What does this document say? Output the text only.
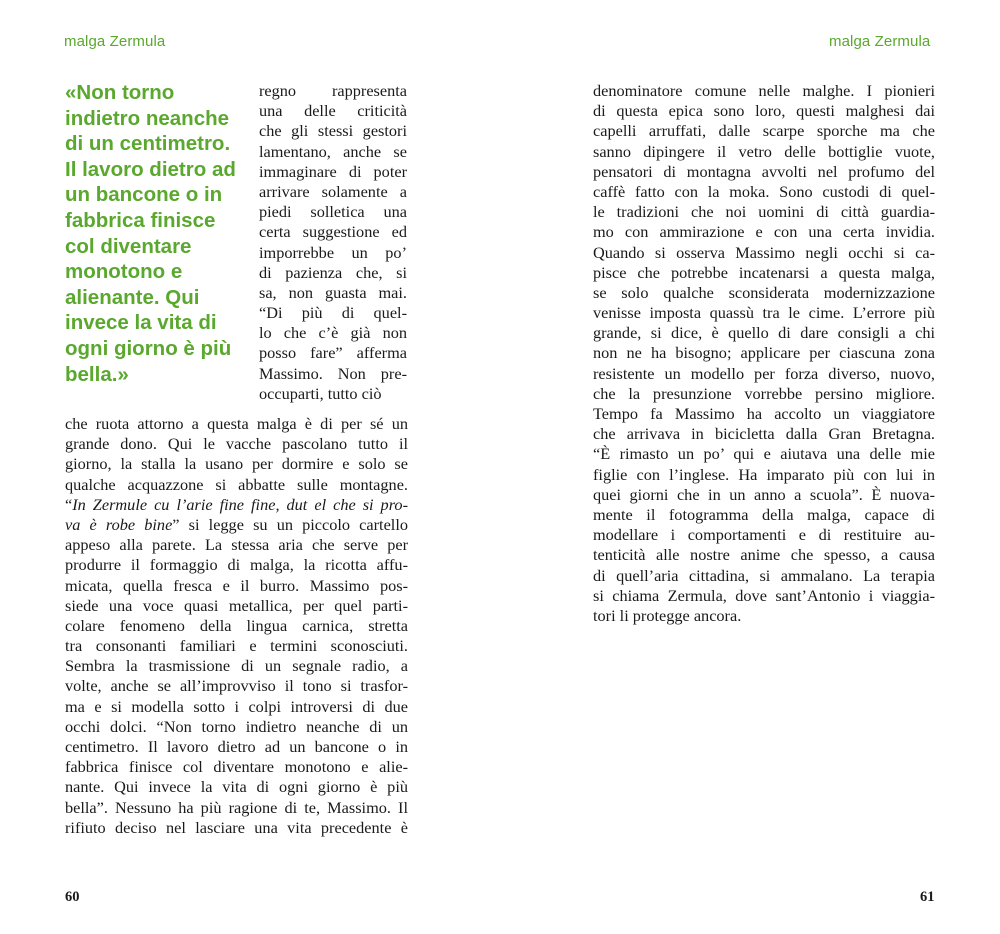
malga Zermula	malga Zermula

«Non torno indietro neanche di un centimetro. Il lavoro dietro ad un bancone o in fabbrica finisce col diventare monotono e alienante. Qui invece la vita di ogni giorno è più bella.»

regno rappresenta
una delle criticità
che gli stessi gestori
lamentano, anche se
immaginare di poter
arrivare solamente a
piedi solletica una
certa suggestione ed
imporrebbe un po’
di pazienza che, si
sa, non guasta mai.
“Di più di quel-
lo che c’è già non
posso fare” afferma
Massimo. Non pre-
occuparti, tutto ciò
che ruota attorno a questa malga è di per sé un
grande dono. Qui le vacche pascolano tutto il
giorno, la stalla la usano per dormire e solo se
qualche acquazzone si abbatte sulle montagne.
“In Zermule cu l’arie fine fine, dut el che si pro-
va è robe bine” si legge su un piccolo cartello
appeso alla parete. La stessa aria che serve per
produrre il formaggio di malga, la ricotta affu-
micata, quella fresca e il burro. Massimo pos-
siede una voce quasi metallica, per quel parti-
colare fenomeno della lingua carnica, stretta
tra consonanti familiari e termini sconosciuti.
Sembra la trasmissione di un segnale radio, a
volte, anche se all’improvviso il tono si trasfor-
ma e si modella sotto i colpi introversi di due
occhi dolci. “Non torno indietro neanche di un
centimetro. Il lavoro dietro ad un bancone o in
fabbrica finisce col diventare monotono e alie-
nante. Qui invece la vita di ogni giorno è più
bella”. Nessuno ha più ragione di te, Massimo. Il
rifiuto deciso nel lasciare una vita precedente è
denominatore comune nelle malghe. I pionieri
di questa epica sono loro, questi malghesi dai
capelli arruffati, dalle scarpe sporche ma che
sanno dipingere il vetro delle bottiglie vuote,
pensatori di montagna avvolti nel profumo del
caffè fatto con la moka. Sono custodi di quel-
le tradizioni che noi uomini di città guardia-
mo con ammirazione e con una certa invidia.
Quando si osserva Massimo negli occhi si ca-
pisce che potrebbe incatenarsi a questa malga,
se solo qualche sconsiderata modernizzazione
venisse imposta quassù tra le cime. L’errore più
grande, si dice, è quello di dare consigli a chi
non ne ha bisogno; applicare per ciascuna zona
resistente un modello per forza diverso, nuovo,
che la presunzione vorrebbe persino migliore.
Tempo fa Massimo ha accolto un viaggiatore
che arrivava in bicicletta dalla Gran Bretagna.
“È rimasto un po’ qui e aiutava una delle mie
figlie con l’inglese. Ha imparato più con lui in
quei giorni che in un anno a scuola”. È nuova-
mente il fotogramma della malga, capace di
modellare i comportamenti e di restituire au-
tenticità alle nostre anime che spesso, a causa
di quell’aria cittadina, si ammalano. La terapia
si chiama Zermula, dove sant’Antonio i viaggia-
tori li protegge ancora.
60	61
